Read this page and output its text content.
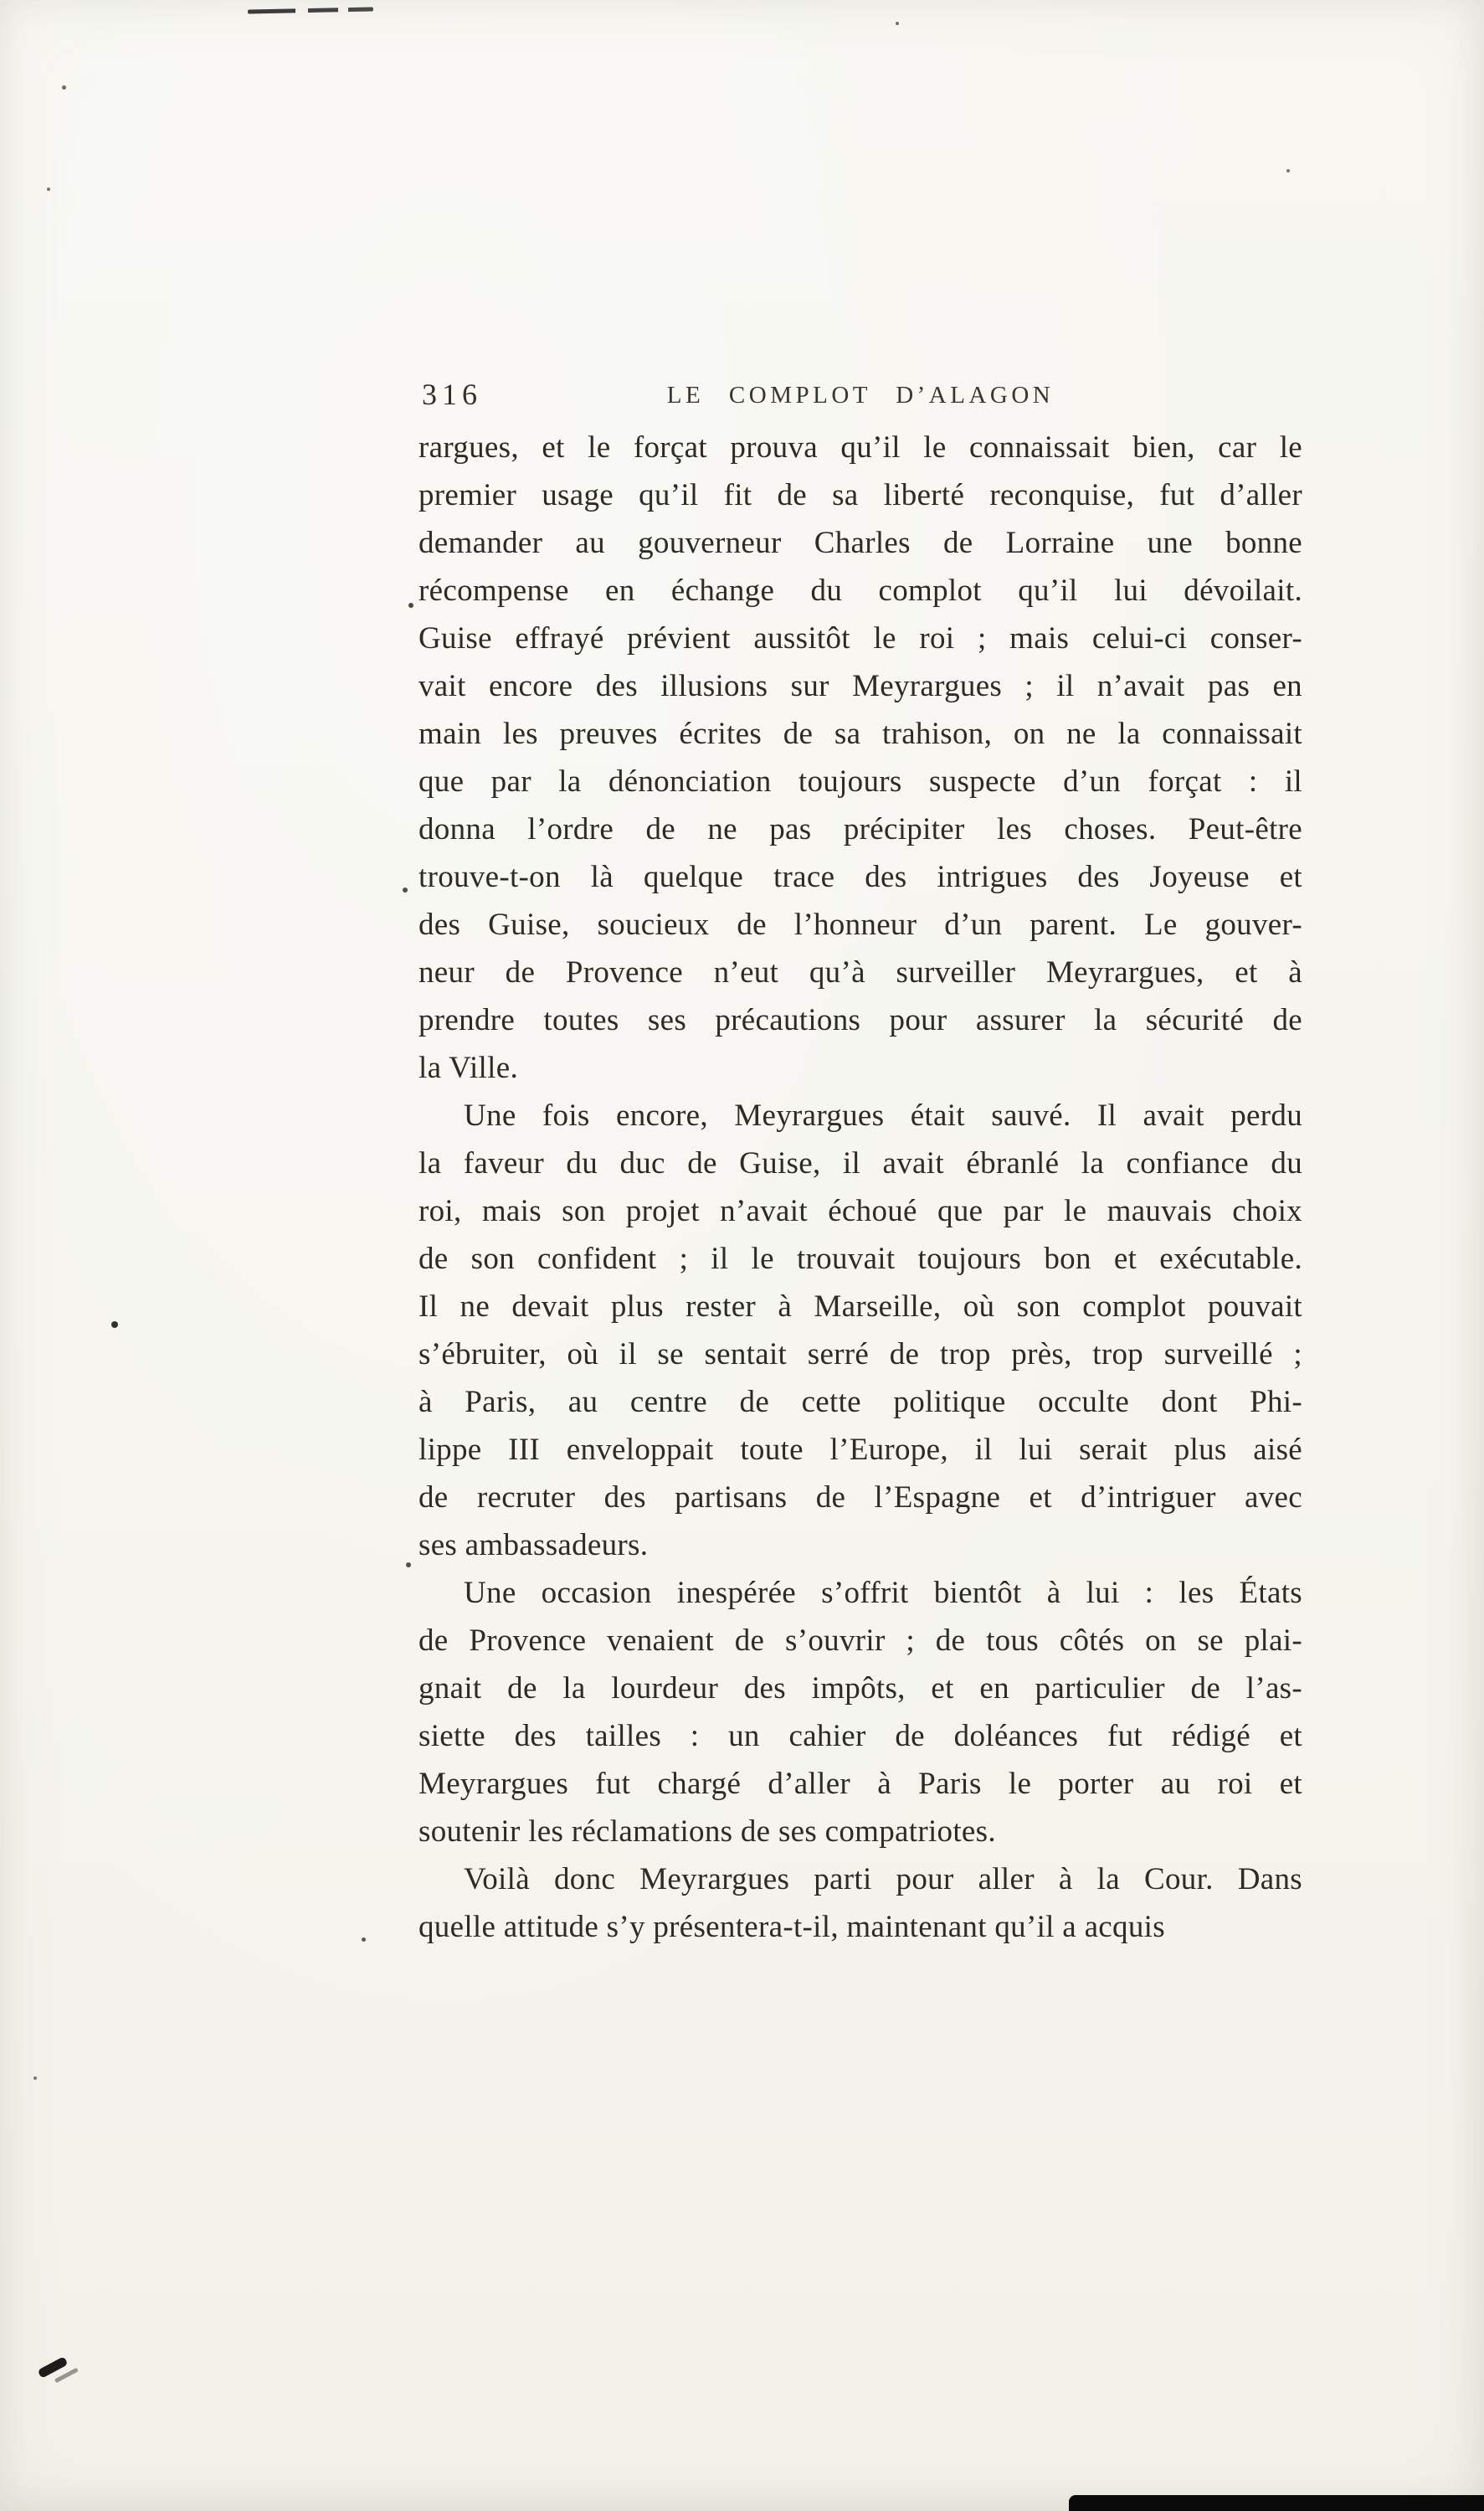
316	LE COMPLOT D’ALAGON
rargues, et le forçat prouva qu’il le connaissait bien, car le
premier usage qu’il fit de sa liberté reconquise, fut d’aller
demander au gouverneur Charles de Lorraine une bonne
récompense en échange du complot qu’il lui dévoilait.
Guise effrayé prévient aussitôt le roi ; mais celui-ci conser-
vait encore des illusions sur Meyrargues ; il n’avait pas en
main les preuves écrites de sa trahison, on ne la connaissait
que par la dénonciation toujours suspecte d’un forçat : il
donna l’ordre de ne pas précipiter les choses. Peut-être
trouve-t-on là quelque trace des intrigues des Joyeuse et
des Guise, soucieux de l’honneur d’un parent. Le gouver-
neur de Provence n’eut qu’à surveiller Meyrargues, et à
prendre toutes ses précautions pour assurer la sécurité de
la Ville.
Une fois encore, Meyrargues était sauvé. Il avait perdu
la faveur du duc de Guise, il avait ébranlé la confiance du
roi, mais son projet n’avait échoué que par le mauvais choix
de son confident ; il le trouvait toujours bon et exécutable.
Il ne devait plus rester à Marseille, où son complot pouvait
s’ébruiter, où il se sentait serré de trop près, trop surveillé ;
à Paris, au centre de cette politique occulte dont Phi-
lippe III enveloppait toute l’Europe, il lui serait plus aisé
de recruter des partisans de l’Espagne et d’intriguer avec
ses ambassadeurs.
Une occasion inespérée s’offrit bientôt à lui : les États
de Provence venaient de s’ouvrir ; de tous côtés on se plai-
gnait de la lourdeur des impôts, et en particulier de l’as-
siette des tailles : un cahier de doléances fut rédigé et
Meyrargues fut chargé d’aller à Paris le porter au roi et
soutenir les réclamations de ses compatriotes.
Voilà donc Meyrargues parti pour aller à la Cour. Dans
quelle attitude s’y présentera-t-il, maintenant qu’il a acquis
